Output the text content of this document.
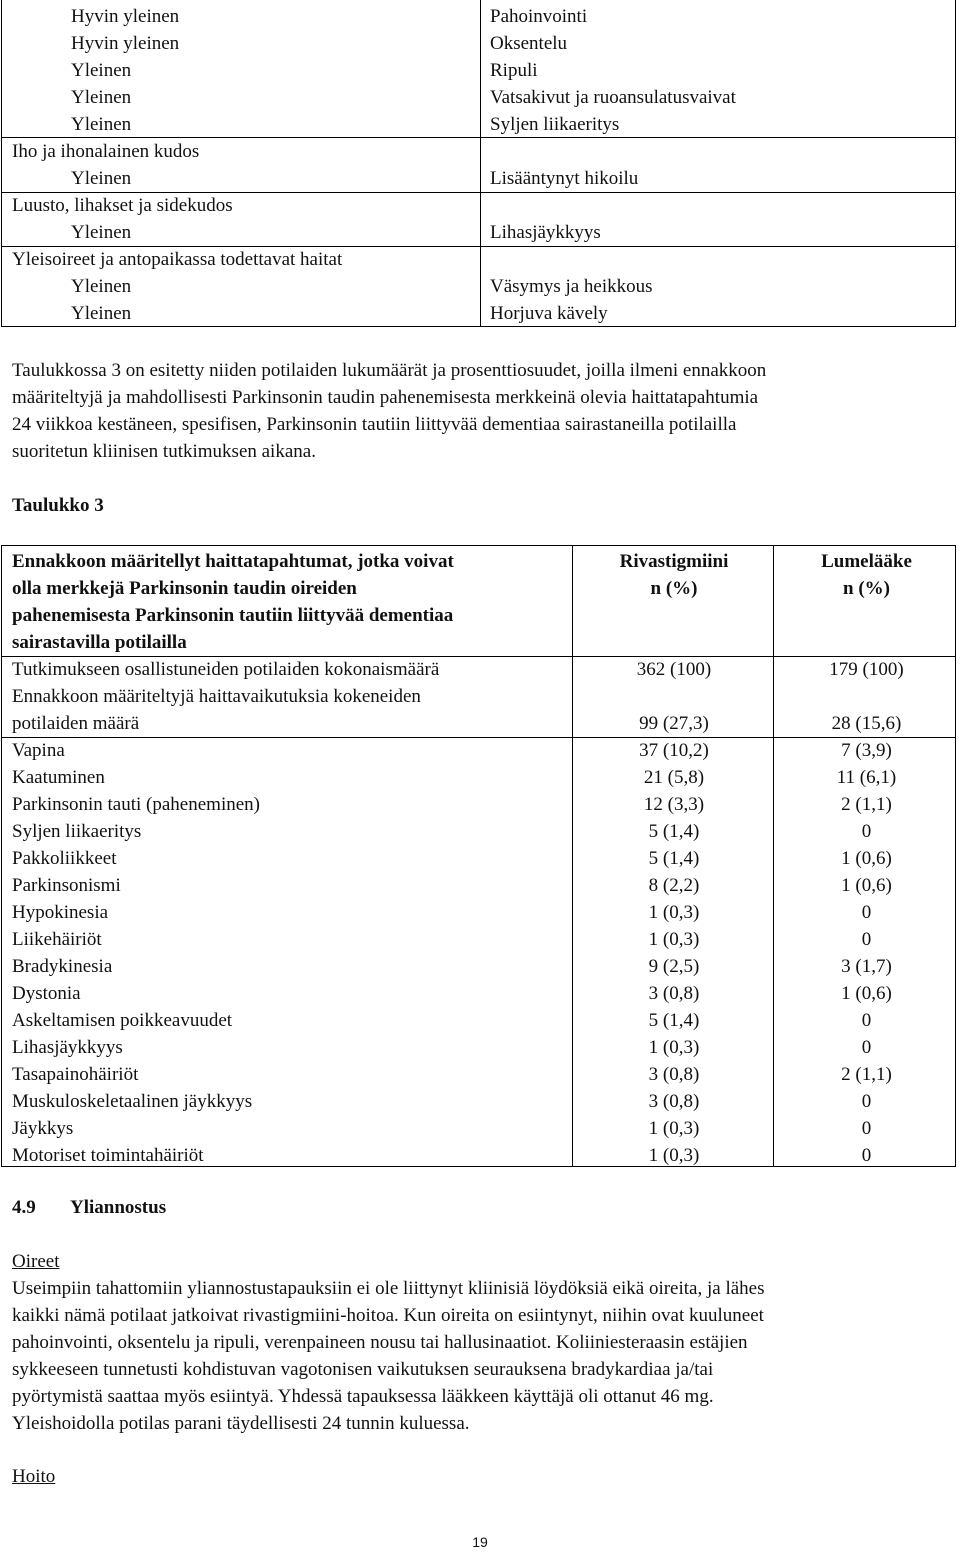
Hyvin yleinen
Hyvin yleinen
Yleinen
Yleinen
Yleinen
Iho ja ihonalainen kudos
Yleinen
Luusto, lihakset ja sidekudos
Yleinen
Yleisoireet ja antopaikassa todettavat haitat
Yleinen
Yleinen
Pahoinvointi
Oksentelu
Ripuli
Vatsakivut ja ruoansulatusvaivat
Syljen liikaeritys
Lisääntynyt hikoilu
Lihasjäykkyys
Väsymys ja heikkous
Horjuva kävely
Taulukkossa 3 on esitetty niiden potilaiden lukumäärät ja prosenttiosuudet, joilla ilmeni ennakkoon
määriteltyjä ja mahdollisesti Parkinsonin taudin pahenemisesta merkkeinä olevia haittatapahtumia
24 viikkoa kestäneen, spesifisen, Parkinsonin tautiin liittyvää dementiaa sairastaneilla potilailla
suoritetun kliinisen tutkimuksen aikana.
Taulukko 3
Ennakkoon määritellyt haittatapahtumat, jotka voivat
olla merkkejä Parkinsonin taudin oireiden
pahenemisesta Parkinsonin tautiin liittyvää dementiaa
sairastavilla potilailla
Tutkimukseen osallistuneiden potilaiden kokonaismäärä
Ennakkoon määriteltyjä haittavaikutuksia kokeneiden
potilaiden määrä
Vapina
Kaatuminen
Parkinsonin tauti (paheneminen)
Syljen liikaeritys
Pakkoliikkeet
Parkinsonismi
Hypokinesia
Liikehäiriöt
Bradykinesia
Dystonia
Askeltamisen poikkeavuudet
Lihasjäykkyys
Tasapainohäiriöt
Muskuloskeletaalinen jäykkyys
Jäykkys
Motoriset toimintahäiriöt
Rivastigmiini
n (%)
362 (100)
99 (27,3)
37 (10,2)
21 (5,8)
12 (3,3)
5 (1,4)
5 (1,4)
8 (2,2)
1 (0,3)
1 (0,3)
9 (2,5)
3 (0,8)
5 (1,4)
1 (0,3)
3 (0,8)
3 (0,8)
1 (0,3)
1 (0,3)
Lumelääke
n (%)
179 (100)
28 (15,6)
7 (3,9)
11 (6,1)
2 (1,1)
0
1 (0,6)
1 (0,6)
0
0
3 (1,7)
1 (0,6)
0
0
2 (1,1)
0
0
0
4.9 Yliannostus
Oireet
Useimpiin tahattomiin yliannostustapauksiin ei ole liittynyt kliinisiä löydöksiä eikä oireita, ja lähes
kaikki nämä potilaat jatkoivat rivastigmiini-hoitoa. Kun oireita on esiintynyt, niihin ovat kuuluneet
pahoinvointi, oksentelu ja ripuli, verenpaineen nousu tai hallusinaatiot. Koliiniesteraasin estäjien
sykkeeseen tunnetusti kohdistuvan vagotonisen vaikutuksen seurauksena bradykardiaa ja/tai
pyörtymistä saattaa myös esiintyä. Yhdessä tapauksessa lääkkeen käyttäjä oli ottanut 46 mg.
Yleishoidolla potilas parani täydellisesti 24 tunnin kuluessa.
Hoito
19
